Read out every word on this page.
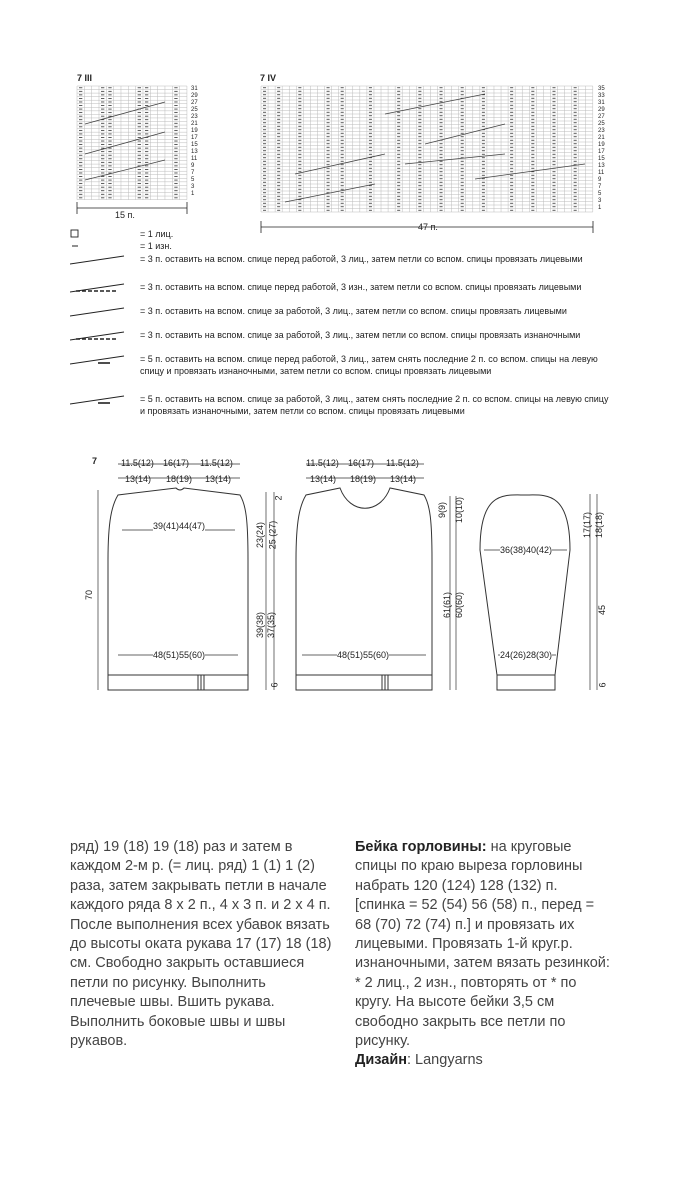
7 III
31
29
27
25
23
21
19
17
15
13
11
9
7
5
3
1
15 п.
7 IV
35
33
31
29
27
25
23
21
19
17
15
13
11
9
7
5
3
1
47 п.
= 1 лиц.
= 1 изн.
= 3 п. оставить на вспом. спице перед работой, 3 лиц., затем петли со вспом. спицы провязать лицевыми
= 3 п. оставить на вспом. спице перед работой, 3 изн., затем петли со вспом. спицы провязать лицевыми
= 3 п. оставить на вспом. спице за работой, 3 лиц., затем петли со вспом. спицы провязать лицевыми
= 3 п. оставить на вспом. спице за работой, 3 лиц., затем петли со вспом. спицы провязать изнаночными
= 5 п. оставить на вспом. спице перед работой, 3 лиц., затем снять последние 2 п. со вспом. спицы на левую спицу и провязать изнаночными, затем петли со вспом. спицы провязать лицевыми
= 5 п. оставить на вспом. спице за работой, 3 лиц., затем снять последние 2 п. со вспом. спицы на левую спицу и провязать изнаночными, затем петли со вспом. спицы провязать лицевыми
7	11.5(12) 16(17) 11.5(12)
13(14) 18(19) 13(14)
39(41)44(47)
48(51)55(60)
70
2
23(24) 25 (27)
39(38) 37(35)
6
11.5(12) 16(17) 11.5(12)
13(14) 18(19) 13(14)
48(51)55(60)
9(9) 10(10)
61(61) 60(60)
36(38)40(42)
24(26)28(30)
17(17) 18(18)
45
6
ряд) 19 (18) 19 (18) раз и затем в каждом 2-м р. (= лиц. ряд) 1 (1) 1 (2) раза, затем закрывать петли в начале каждого ряда 8 х 2 п., 4 х 3 п. и 2 х 4 п. После выполнения всех убавок вязать до высоты оката рукава 17 (17) 18 (18) см. Свободно закрыть оставшиеся петли по рисунку. Выполнить плечевые швы. Вшить рукава. Выполнить боковые швы и швы рукавов.
Бейка горловины: на круговые спицы по краю выреза горловины набрать 120 (124) 128 (132) п. [спинка = 52 (54) 56 (58) п., перед = 68 (70) 72 (74) п.] и провязать их лицевыми. Провязать 1-й круг.р. изнаночными, затем вязать резинкой: * 2 лиц., 2 изн., повторять от * по кругу. На высоте бейки 3,5 см свободно закрыть все петли по рисунку.
Дизайн: Langyarns
